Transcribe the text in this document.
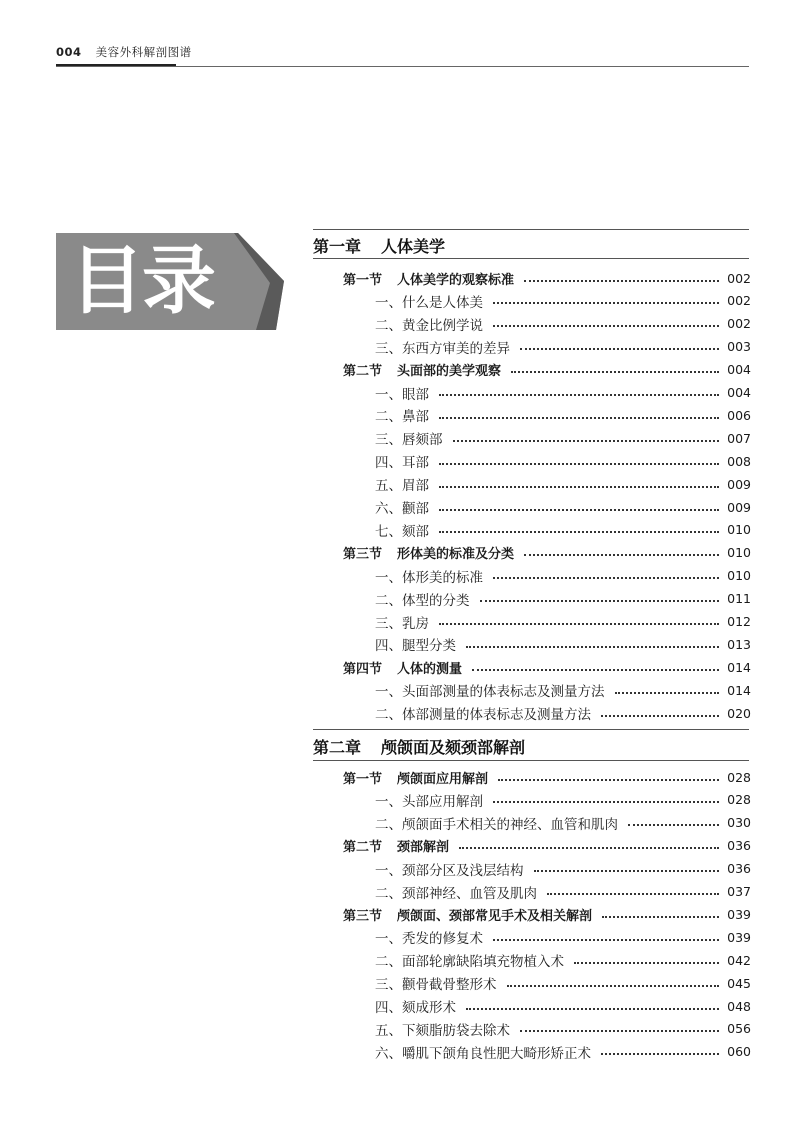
004 美容外科解剖图谱
目录	第一章 人体美学
第一节	人体美学的观察标准	002
一、 什么是人体美	002
二、 黄金比例学说	002
三、 东西方审美的差异	003
第二节	头面部的美学观察	004
一、 眼部	004
二、 鼻部	006
三、 唇颏部	007
四、 耳部	008
五、 眉部	009
六、 颧部	009
七、 颏部	010
第三节	形体美的标准及分类	010
一、 体形美的标准	010
二、 体型的分类	011
三、 乳房	012
四、 腿型分类	013
第四节	人体的测量	014
一、 头面部测量的体表标志及测量方法	014
二、 体部测量的体表标志及测量方法	020
第二章 颅颌面及颏颈部解剖
第一节	颅颌面应用解剖	028
一、 头部应用解剖	028
二、 颅颌面手术相关的神经、血管和肌肉	030
第二节	颈部解剖	036
一、 颈部分区及浅层结构	036
二、 颈部神经、血管及肌肉	037
第三节	颅颌面、颈部常见手术及相关解剖	039
一、 秃发的修复术	039
二、 面部轮廓缺陷填充物植入术	042
三、 颧骨截骨整形术	045
四、 颏成形术	048
五、 下颏脂肪袋去除术	056
六、 嚼肌下颌角良性肥大畸形矫正术	060
